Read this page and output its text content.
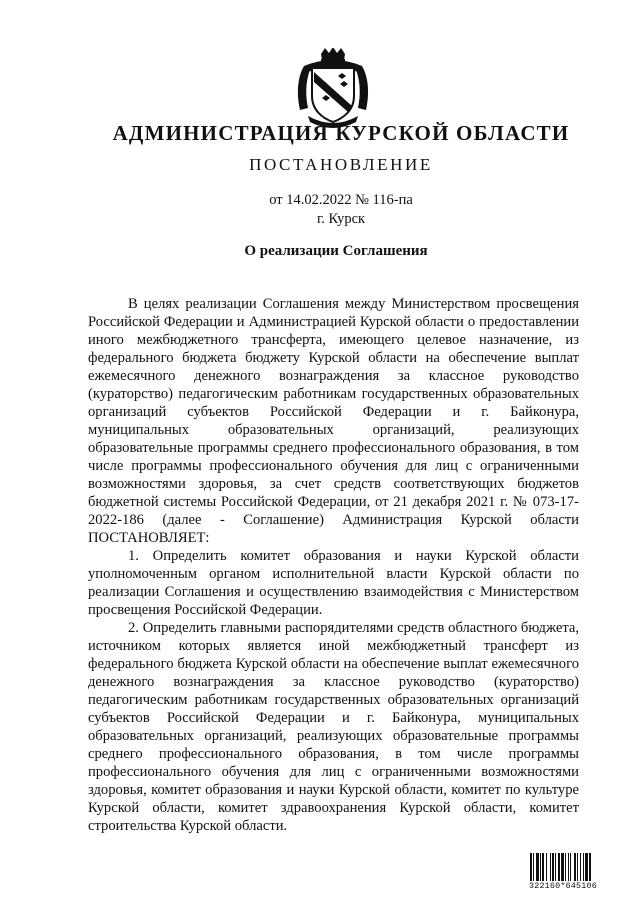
АДМИНИСТРАЦИЯ КУРСКОЙ ОБЛАСТИ
ПОСТАНОВЛЕНИЕ
от 14.02.2022 № 116-па
г. Курск
О реализации Соглашения

В целях реализации Соглашения между Министерством просвещения Российской Федерации и Администрацией Курской области о предоставлении иного межбюджетного трансферта, имеющего целевое назначение, из федерального бюджета бюджету Курской области на обеспечение выплат ежемесячного денежного вознаграждения за классное руководство (кураторство) педагогическим работникам государственных образовательных организаций субъектов Российской Федерации и г. Байконура, муниципальных образовательных организаций, реализующих образовательные программы среднего профессионального образования, в том числе программы профессионального обучения для лиц с ограниченными возможностями здоровья, за счет средств соответствующих бюджетов бюджетной системы Российской Федерации, от 21 декабря 2021 г. № 073-17-2022-186 (далее - Соглашение) Администрация Курской области ПОСТАНОВЛЯЕТ:

1. Определить комитет образования и науки Курской области уполномоченным органом исполнительной власти Курской области по реализации Соглашения и осуществлению взаимодействия с Министерством просвещения Российской Федерации.

2. Определить главными распорядителями средств областного бюджета, источником которых является иной межбюджетный трансферт из федерального бюджета Курской области на обеспечение выплат ежемесячного денежного вознаграждения за классное руководство (кураторство) педагогическим работникам государственных образовательных организаций субъектов Российской Федерации и г. Байконура, муниципальных образовательных организаций, реализующих образовательные программы среднего профессионального образования, в том числе программы профессионального обучения для лиц с ограниченными возможностями здоровья, комитет образования и науки Курской области, комитет по культуре Курской области, комитет здравоохранения Курской области, комитет строительства Курской области.

322160*645106
